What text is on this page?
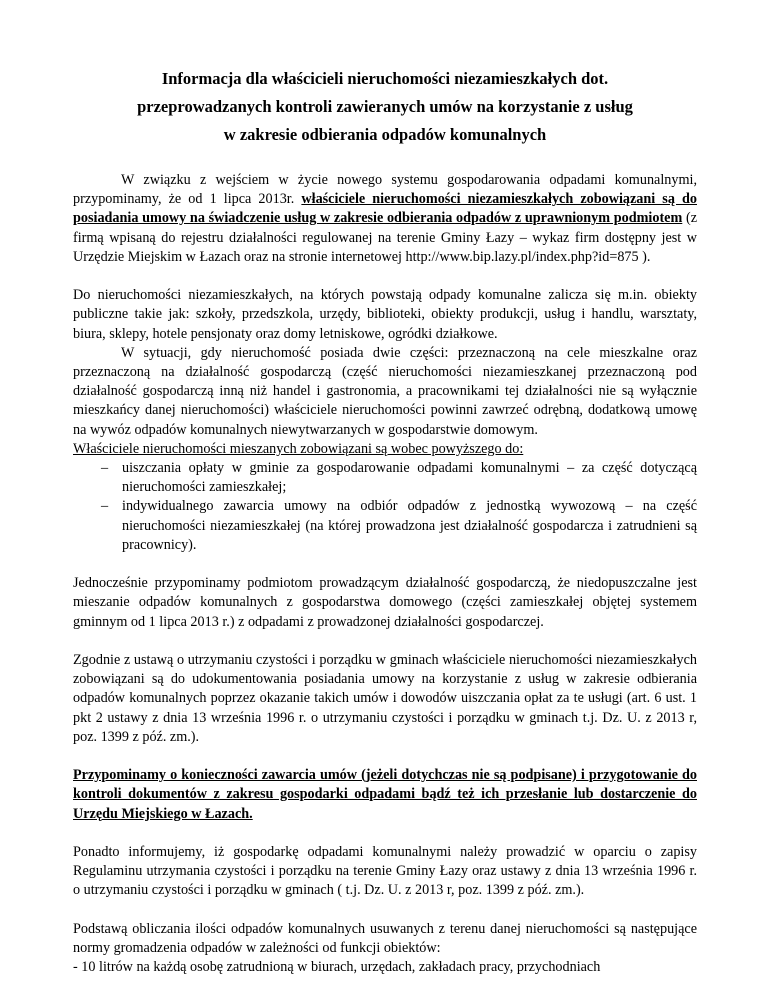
Informacja dla właścicieli nieruchomości niezamieszkałych dot.

przeprowadzanych kontroli zawieranych umów na korzystanie z usług

w zakresie odbierania odpadów komunalnych

W związku z wejściem w życie nowego systemu gospodarowania odpadami komunalnymi, przypominamy, że od 1 lipca 2013r. właściciele nieruchomości niezamieszkałych zobowiązani są do posiadania umowy na świadczenie usług w zakresie odbierania odpadów z uprawnionym podmiotem (z firmą wpisaną do rejestru działalności regulowanej na terenie Gminy Łazy – wykaz firm dostępny jest w Urzędzie Miejskim w Łazach oraz na stronie internetowej http://www.bip.lazy.pl/index.php?id=875 ).

Do nieruchomości niezamieszkałych, na których powstają odpady komunalne zalicza się m.in. obiekty publiczne takie jak: szkoły, przedszkola, urzędy, biblioteki, obiekty produkcji, usług i handlu, warsztaty, biura, sklepy, hotele pensjonaty oraz domy letniskowe, ogródki działkowe.

W sytuacji, gdy nieruchomość posiada dwie części: przeznaczoną na cele mieszkalne oraz przeznaczoną na działalność gospodarczą (część nieruchomości niezamieszkanej przeznaczoną pod działalność gospodarczą inną niż handel i gastronomia, a pracownikami tej działalności nie są wyłącznie mieszkańcy danej nieruchomości) właściciele nieruchomości powinni zawrzeć odrębną, dodatkową umowę na wywóz odpadów komunalnych niewytwarzanych w gospodarstwie domowym.

Właściciele nieruchomości mieszanych zobowiązani są wobec powyższego do:

– uiszczania opłaty w gminie za gospodarowanie odpadami komunalnymi – za część dotyczącą nieruchomości zamieszkałej;
– indywidualnego zawarcia umowy na odbiór odpadów z jednostką wywozową – na część nieruchomości niezamieszkałej (na której prowadzona jest działalność gospodarcza i zatrudnieni są pracownicy).

Jednocześnie przypominamy podmiotom prowadzącym działalność gospodarczą, że niedopuszczalne jest mieszanie odpadów komunalnych z gospodarstwa domowego (części zamieszkałej objętej systemem gminnym od 1 lipca 2013 r.) z odpadami z prowadzonej działalności gospodarczej.

Zgodnie z ustawą o utrzymaniu czystości i porządku w gminach właściciele nieruchomości niezamieszkałych zobowiązani są do udokumentowania posiadania umowy na korzystanie z usług w zakresie odbierania odpadów komunalnych poprzez okazanie takich umów i dowodów uiszczania opłat za te usługi (art. 6 ust. 1 pkt 2 ustawy z dnia 13 września 1996 r. o utrzymaniu czystości i porządku w gminach t.j. Dz. U. z 2013 r, poz. 1399 z póź. zm.).

Przypominamy o konieczności zawarcia umów (jeżeli dotychczas nie są podpisane) i przygotowanie do kontroli dokumentów z zakresu gospodarki odpadami bądź też ich przesłanie lub dostarczenie do Urzędu Miejskiego w Łazach.

Ponadto informujemy, iż gospodarkę odpadami komunalnymi należy prowadzić w oparciu o zapisy Regulaminu utrzymania czystości i porządku na terenie Gminy Łazy oraz ustawy z dnia 13 września 1996 r. o utrzymaniu czystości i porządku w gminach ( t.j. Dz. U. z 2013 r, poz. 1399 z póź. zm.).

Podstawą obliczania ilości odpadów komunalnych usuwanych z terenu danej nieruchomości są następujące normy gromadzenia odpadów w zależności od funkcji obiektów:

- 10 litrów na każdą osobę zatrudnioną w biurach, urzędach, zakładach pracy, przychodniach
